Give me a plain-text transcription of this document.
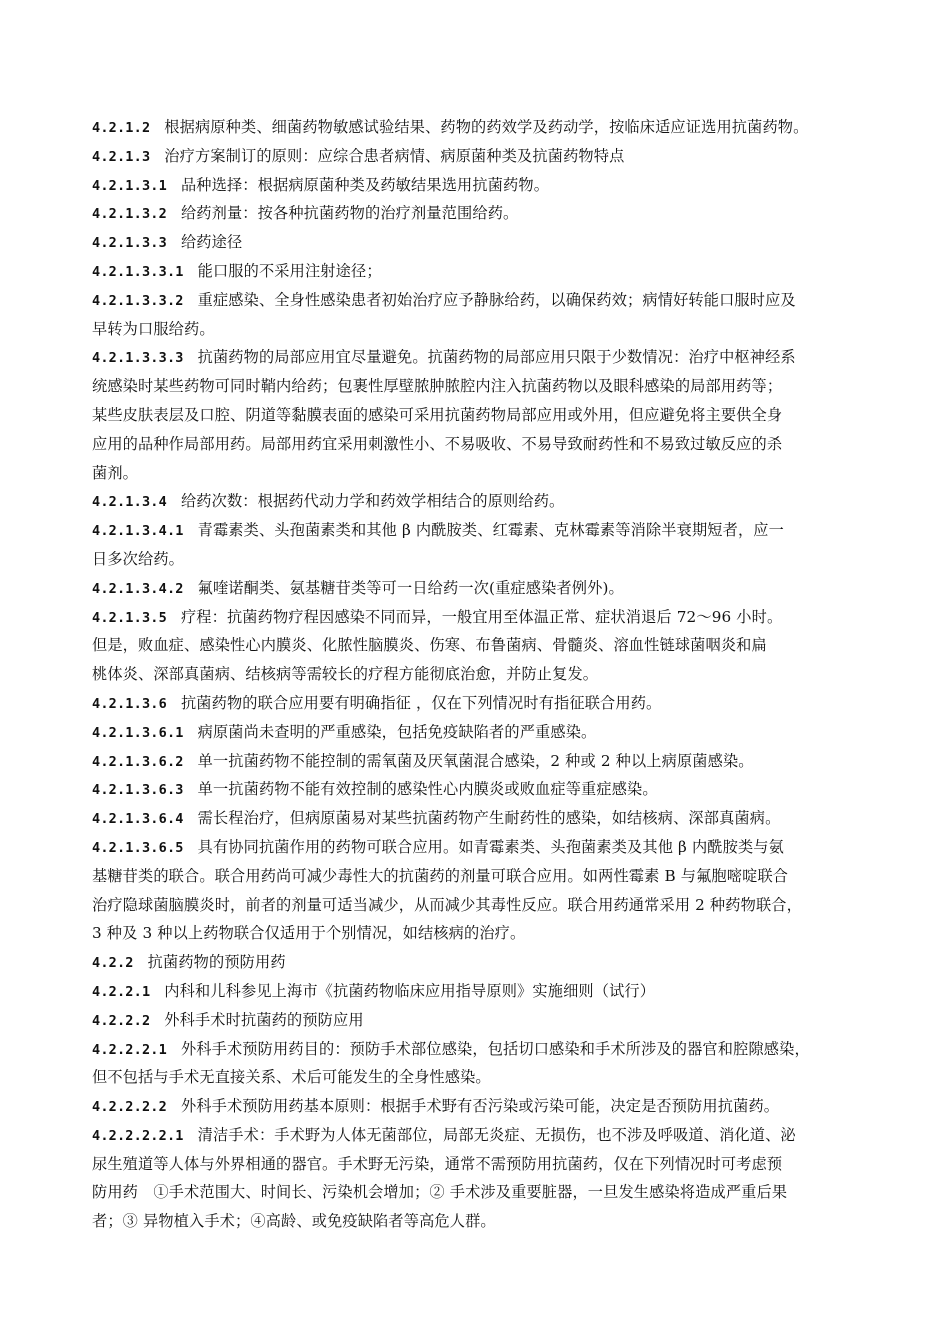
4.2.1.2 根据病原种类、细菌药物敏感试验结果、药物的药效学及药动学，按临床适应证选用抗菌药物。
4.2.1.3 治疗方案制订的原则：应综合患者病情、病原菌种类及抗菌药物特点
4.2.1.3.1 品种选择：根据病原菌种类及药敏结果选用抗菌药物。
4.2.1.3.2 给药剂量：按各种抗菌药物的治疗剂量范围给药。
4.2.1.3.3 给药途径
4.2.1.3.3.1 能口服的不采用注射途径；
4.2.1.3.3.2 重症感染、全身性感染患者初始治疗应予静脉给药，以确保药效；病情好转能口服时应及
早转为口服给药。
4.2.1.3.3.3 抗菌药物的局部应用宜尽量避免。抗菌药物的局部应用只限于少数情况：治疗中枢神经系
统感染时某些药物可同时鞘内给药；包裹性厚壁脓肿脓腔内注入抗菌药物以及眼科感染的局部用药等；
某些皮肤表层及口腔、阴道等黏膜表面的感染可采用抗菌药物局部应用或外用，但应避免将主要供全身
应用的品种作局部用药。局部用药宜采用刺激性小、不易吸收、不易导致耐药性和不易致过敏反应的杀
菌剂。
4.2.1.3.4 给药次数：根据药代动力学和药效学相结合的原则给药。
4.2.1.3.4.1 青霉素类、头孢菌素类和其他 β 内酰胺类、红霉素、克林霉素等消除半衰期短者，应一
日多次给药。
4.2.1.3.4.2 氟喹诺酮类、氨基糖苷类等可一日给药一次(重症感染者例外)。
4.2.1.3.5 疗程：抗菌药物疗程因感染不同而异，一般宜用至体温正常、症状消退后 72～96 小时。
但是，败血症、感染性心内膜炎、化脓性脑膜炎、伤寒、布鲁菌病、骨髓炎、溶血性链球菌咽炎和扁
桃体炎、深部真菌病、结核病等需较长的疗程方能彻底治愈，并防止复发。
4.2.1.3.6 抗菌药物的联合应用要有明确指征 ，仅在下列情况时有指征联合用药。
4.2.1.3.6.1 病原菌尚未查明的严重感染，包括免疫缺陷者的严重感染。
4.2.1.3.6.2 单一抗菌药物不能控制的需氧菌及厌氧菌混合感染，2 种或 2 种以上病原菌感染。
4.2.1.3.6.3 单一抗菌药物不能有效控制的感染性心内膜炎或败血症等重症感染。
4.2.1.3.6.4 需长程治疗，但病原菌易对某些抗菌药物产生耐药性的感染，如结核病、深部真菌病。
4.2.1.3.6.5 具有协同抗菌作用的药物可联合应用。如青霉素类、头孢菌素类及其他 β 内酰胺类与氨
基糖苷类的联合。联合用药尚可减少毒性大的抗菌药的剂量可联合应用。如两性霉素 B 与氟胞嘧啶联合
治疗隐球菌脑膜炎时，前者的剂量可适当减少，从而减少其毒性反应。联合用药通常采用 2 种药物联合，
3 种及 3 种以上药物联合仅适用于个别情况，如结核病的治疗。
4.2.2 抗菌药物的预防用药
4.2.2.1 内科和儿科参见上海市《抗菌药物临床应用指导原则》实施细则（试行）
4.2.2.2 外科手术时抗菌药的预防应用
4.2.2.2.1 外科手术预防用药目的：预防手术部位感染，包括切口感染和手术所涉及的器官和腔隙感染，
但不包括与手术无直接关系、术后可能发生的全身性感染。
4.2.2.2.2 外科手术预防用药基本原则：根据手术野有否污染或污染可能，决定是否预防用抗菌药。
4.2.2.2.2.1 清洁手术：手术野为人体无菌部位，局部无炎症、无损伤，也不涉及呼吸道、消化道、泌
尿生殖道等人体与外界相通的器官。手术野无污染，通常不需预防用抗菌药，仅在下列情况时可考虑预
防用药　①手术范围大、时间长、污染机会增加；② 手术涉及重要脏器，一旦发生感染将造成严重后果
者；③ 异物植入手术；④高龄、或免疫缺陷者等高危人群。
